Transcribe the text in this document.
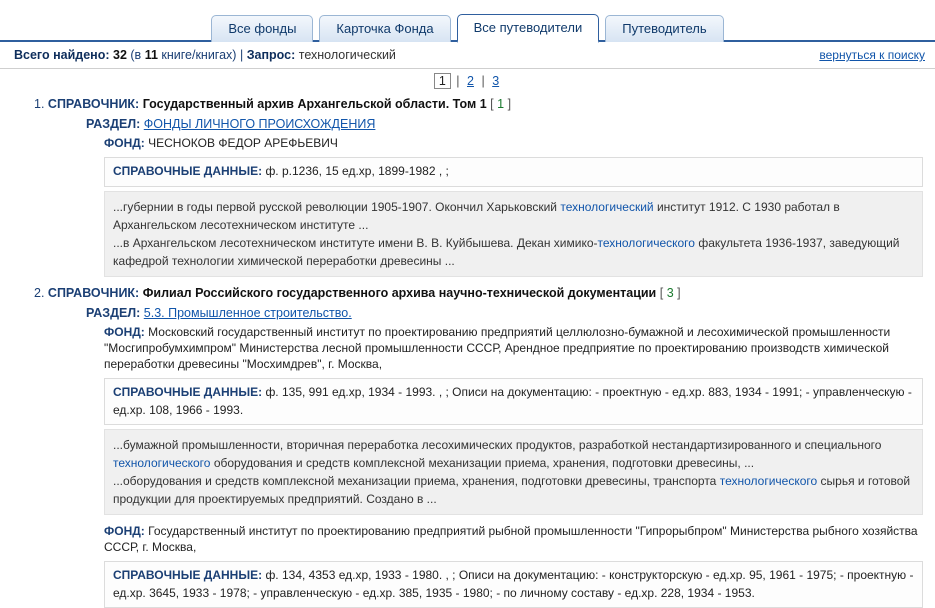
Все фонды	Карточка Фонда	Все путеводители	Путеводитель
Всего найдено: 32 (в 11 книге/книгах) | Запрос: технологический	вернуться к поиску
1 | 2 | 3
1. СПРАВОЧНИК: Государственный архив Архангельской области. Том 1 [ 1 ]
РАЗДЕЛ: ФОНДЫ ЛИЧНОГО ПРОИСХОЖДЕНИЯ
ФОНД: ЧЕСНОКОВ ФЕДОР АРЕФЬЕВИЧ
СПРАВОЧНЫЕ ДАННЫЕ: ф. р.1236, 15 ед.хр, 1899-1982 , ;

...губернии в годы первой русской революции 1905-1907. Окончил Харьковский технологический институт 1912. С 1930 работал в Архангельском лесотехническом институте ...

...в Архангельском лесотехническом институте имени В. В. Куйбышева. Декан химико-технологического факультета 1936-1937, заведующий кафедрой технологии химической переработки древесины ...

2. СПРАВОЧНИК: Филиал Российского государственного архива научно-технической документации [ 3 ]
РАЗДЕЛ: 5.3. Промышленное строительство.
ФОНД: Московский государственный институт по проектированию предприятий целлюлозно-бумажной и лесохимической промышленности "Мосгипробумхимпром" Министерства лесной промышленности СССР, Арендное предприятие по проектированию производств химической переработки древесины "Мосхимдрев", г. Москва,
СПРАВОЧНЫЕ ДАННЫЕ: ф. 135, 991 ед.хр, 1934 - 1993. , ; Описи на документацию: - проектную - ед.хр. 883, 1934 - 1991; - управленческую - ед.хр. 108, 1966 - 1993.

...бумажной промышленности, вторичная переработка лесохимических продуктов, разработкой нестандартизированного и специального технологического оборудования и средств комплексной механизации приема, хранения, подготовки древесины, ...

...оборудования и средств комплексной механизации приема, хранения, подготовки древесины, транспорта технологического сырья и готовой продукции для проектируемых предприятий. Создано в ...

ФОНД: Государственный институт по проектированию предприятий рыбной промышленности "Гипрорыбпром" Министерства рыбного хозяйства СССР, г. Москва,
СПРАВОЧНЫЕ ДАННЫЕ: ф. 134, 4353 ед.хр, 1933 - 1980. , ; Описи на документацию: - конструкторскую - ед.хр. 95, 1961 - 1975; - проектную - ед.хр. 3645, 1933 - 1978; - управленческую - ед.хр. 385, 1935 - 1980; - по личному составу - ед.хр. 228, 1934 - 1953.
